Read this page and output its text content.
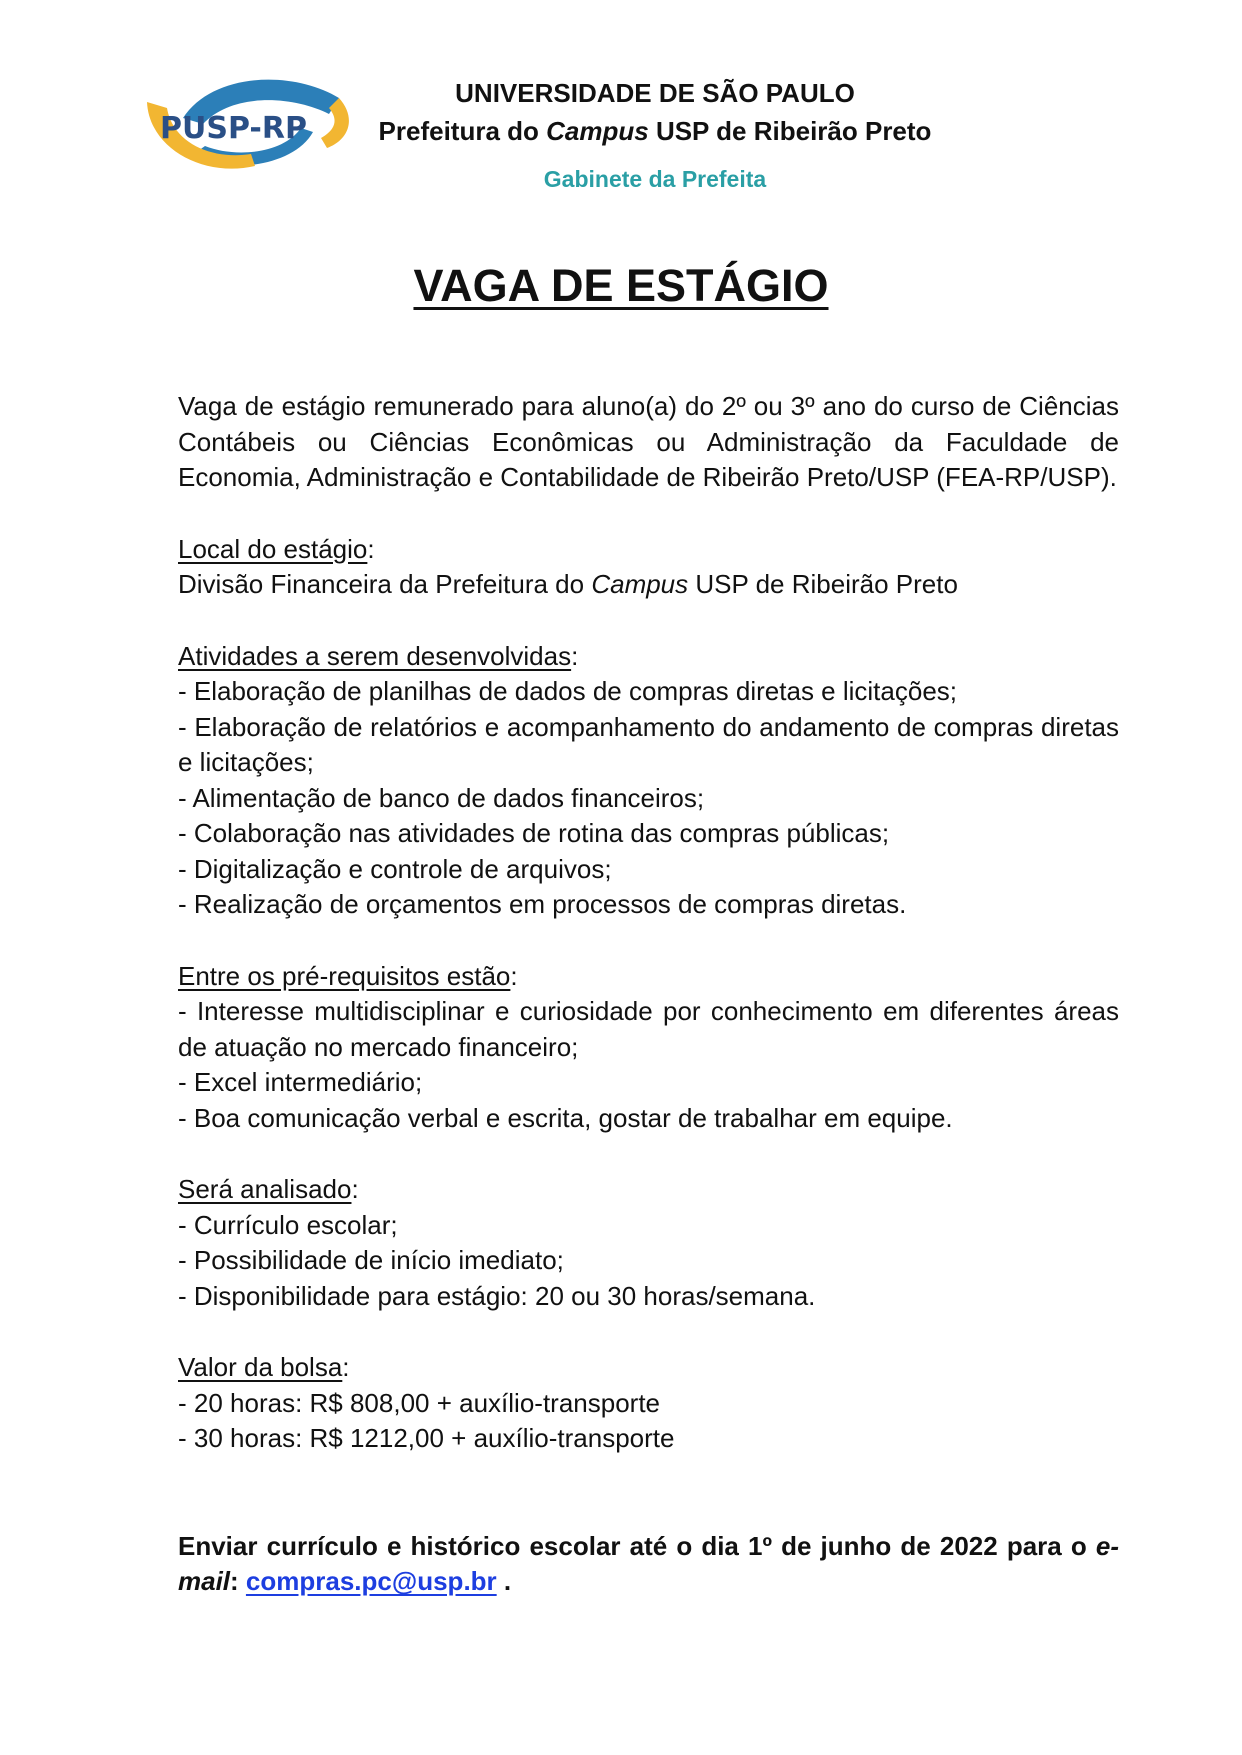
PUSP-RP
UNIVERSIDADE DE SÃO PAULO
Prefeitura do Campus USP de Ribeirão Preto
Gabinete da Prefeita
VAGA DE ESTÁGIO

Vaga de estágio remunerado para aluno(a) do 2º ou 3º ano do curso de Ciências Contábeis ou Ciências Econômicas ou Administração da Faculdade de Economia, Administração e Contabilidade de Ribeirão Preto/USP (FEA-RP/USP).

Local do estágio:

Divisão Financeira da Prefeitura do Campus USP de Ribeirão Preto

Atividades a serem desenvolvidas:

- Elaboração de planilhas de dados de compras diretas e licitações;

- Elaboração de relatórios e acompanhamento do andamento de compras diretas e licitações;

- Alimentação de banco de dados financeiros;

- Colaboração nas atividades de rotina das compras públicas;

- Digitalização e controle de arquivos;

- Realização de orçamentos em processos de compras diretas.

Entre os pré-requisitos estão:

- Interesse multidisciplinar e curiosidade por conhecimento em diferentes áreas de atuação no mercado financeiro;

- Excel intermediário;

- Boa comunicação verbal e escrita, gostar de trabalhar em equipe.

Será analisado:

- Currículo escolar;

- Possibilidade de início imediato;

- Disponibilidade para estágio: 20 ou 30 horas/semana.

Valor da bolsa:

- 20 horas: R$ 808,00 + auxílio-transporte

- 30 horas: R$ 1212,00 + auxílio-transporte

Enviar currículo e histórico escolar até o dia 1º de junho de 2022 para o e-mail: compras.pc@usp.br .
